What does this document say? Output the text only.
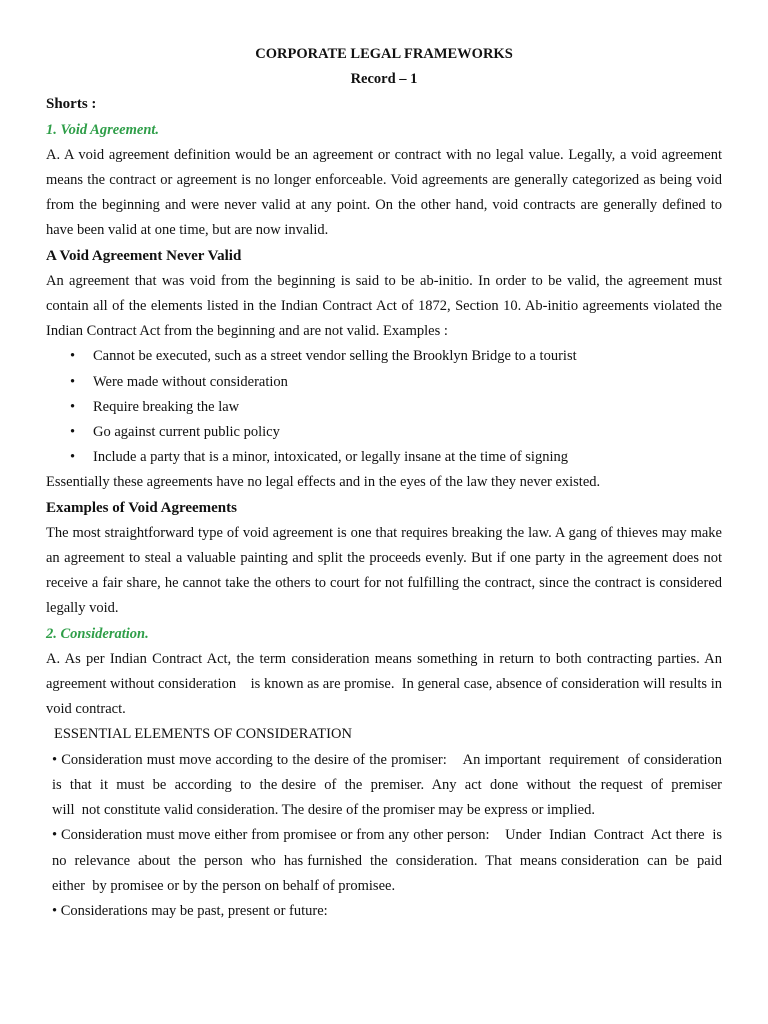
CORPORATE LEGAL FRAMEWORKS

Record – 1

Shorts :

1. Void Agreement.

A. A void agreement definition would be an agreement or contract with no legal value. Legally, a void agreement means the contract or agreement is no longer enforceable. Void agreements are generally categorized as being void from the beginning and were never valid at any point. On the other hand, void contracts are generally defined to have been valid at one time, but are now invalid.

A Void Agreement Never Valid

An agreement that was void from the beginning is said to be ab-initio. In order to be valid, the agreement must contain all of the elements listed in the Indian Contract Act of 1872, Section 10. Ab-initio agreements violated the Indian Contract Act from the beginning and are not valid. Examples :

• Cannot be executed, such as a street vendor selling the Brooklyn Bridge to a tourist
• Were made without consideration
• Require breaking the law
• Go against current public policy
• Include a party that is a minor, intoxicated, or legally insane at the time of signing

Essentially these agreements have no legal effects and in the eyes of the law they never existed.

Examples of Void Agreements

The most straightforward type of void agreement is one that requires breaking the law. A gang of thieves may make an agreement to steal a valuable painting and split the proceeds evenly. But if one party in the agreement does not receive a fair share, he cannot take the others to court for not fulfilling the contract, since the contract is considered legally void.

2. Consideration.

A. As per Indian Contract Act, the term consideration means something in return to both contracting parties. An agreement without consideration    is known as are promise.  In general case, absence of consideration will results in void contract.

ESSENTIAL ELEMENTS OF CONSIDERATION

• Consideration must move according to the desire of the promiser:    An important  requirement  of consideration  is  that  it  must  be  according  to  the desire  of  the  premiser.  Any  act  done  without  the request  of  premiser  will  not constitute valid consideration. The desire of the promiser may be express or implied.

• Consideration must move either from promisee or from any other person:    Under  Indian  Contract  Act there  is  no  relevance  about  the  person  who  has furnished  the  consideration.  That  means consideration  can  be  paid  either  by promisee or by the person on behalf of promisee.

• Considerations may be past, present or future:
